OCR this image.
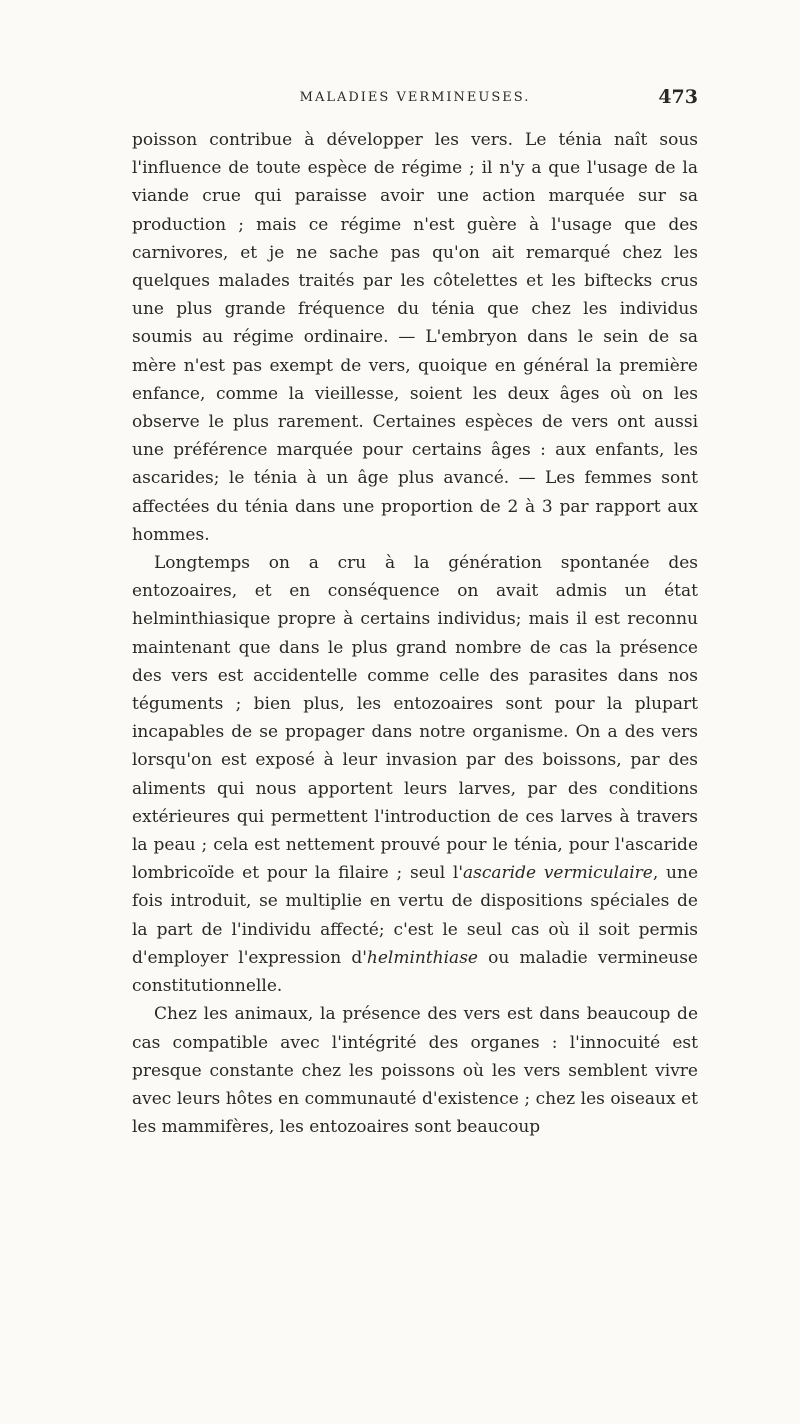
MALADIES VERMINEUSES.	473

poisson contribue à développer les vers. Le ténia naît sous l'influence de toute espèce de régime ; il n'y a que l'usage de la viande crue qui paraisse avoir une action marquée sur sa production ; mais ce régime n'est guère à l'usage que des carnivores, et je ne sache pas qu'on ait remarqué chez les quelques malades traités par les côtelettes et les biftecks crus une plus grande fréquence du ténia que chez les individus soumis au régime ordinaire. — L'embryon dans le sein de sa mère n'est pas exempt de vers, quoique en général la première enfance, comme la vieillesse, soient les deux âges où on les observe le plus rarement. Certaines espèces de vers ont aussi une préférence marquée pour certains âges : aux enfants, les ascarides; le ténia à un âge plus avancé. — Les femmes sont affectées du ténia dans une proportion de 2 à 3 par rapport aux hommes.

Longtemps on a cru à la génération spontanée des entozoaires, et en conséquence on avait admis un état helminthiasique propre à certains individus; mais il est reconnu maintenant que dans le plus grand nombre de cas la présence des vers est accidentelle comme celle des parasites dans nos téguments ; bien plus, les entozoaires sont pour la plupart incapables de se propager dans notre organisme. On a des vers lorsqu'on est exposé à leur invasion par des boissons, par des aliments qui nous apportent leurs larves, par des conditions extérieures qui permettent l'introduction de ces larves à travers la peau ; cela est nettement prouvé pour le ténia, pour l'ascaride lombricoïde et pour la filaire ; seul l'ascaride vermiculaire, une fois introduit, se multiplie en vertu de dispositions spéciales de la part de l'individu affecté; c'est le seul cas où il soit permis d'employer l'expression d'helminthiase ou maladie vermineuse constitutionnelle.

Chez les animaux, la présence des vers est dans beaucoup de cas compatible avec l'intégrité des organes : l'innocuité est presque constante chez les poissons où les vers semblent vivre avec leurs hôtes en communauté d'existence ; chez les oiseaux et les mammifères, les entozoaires sont beaucoup
